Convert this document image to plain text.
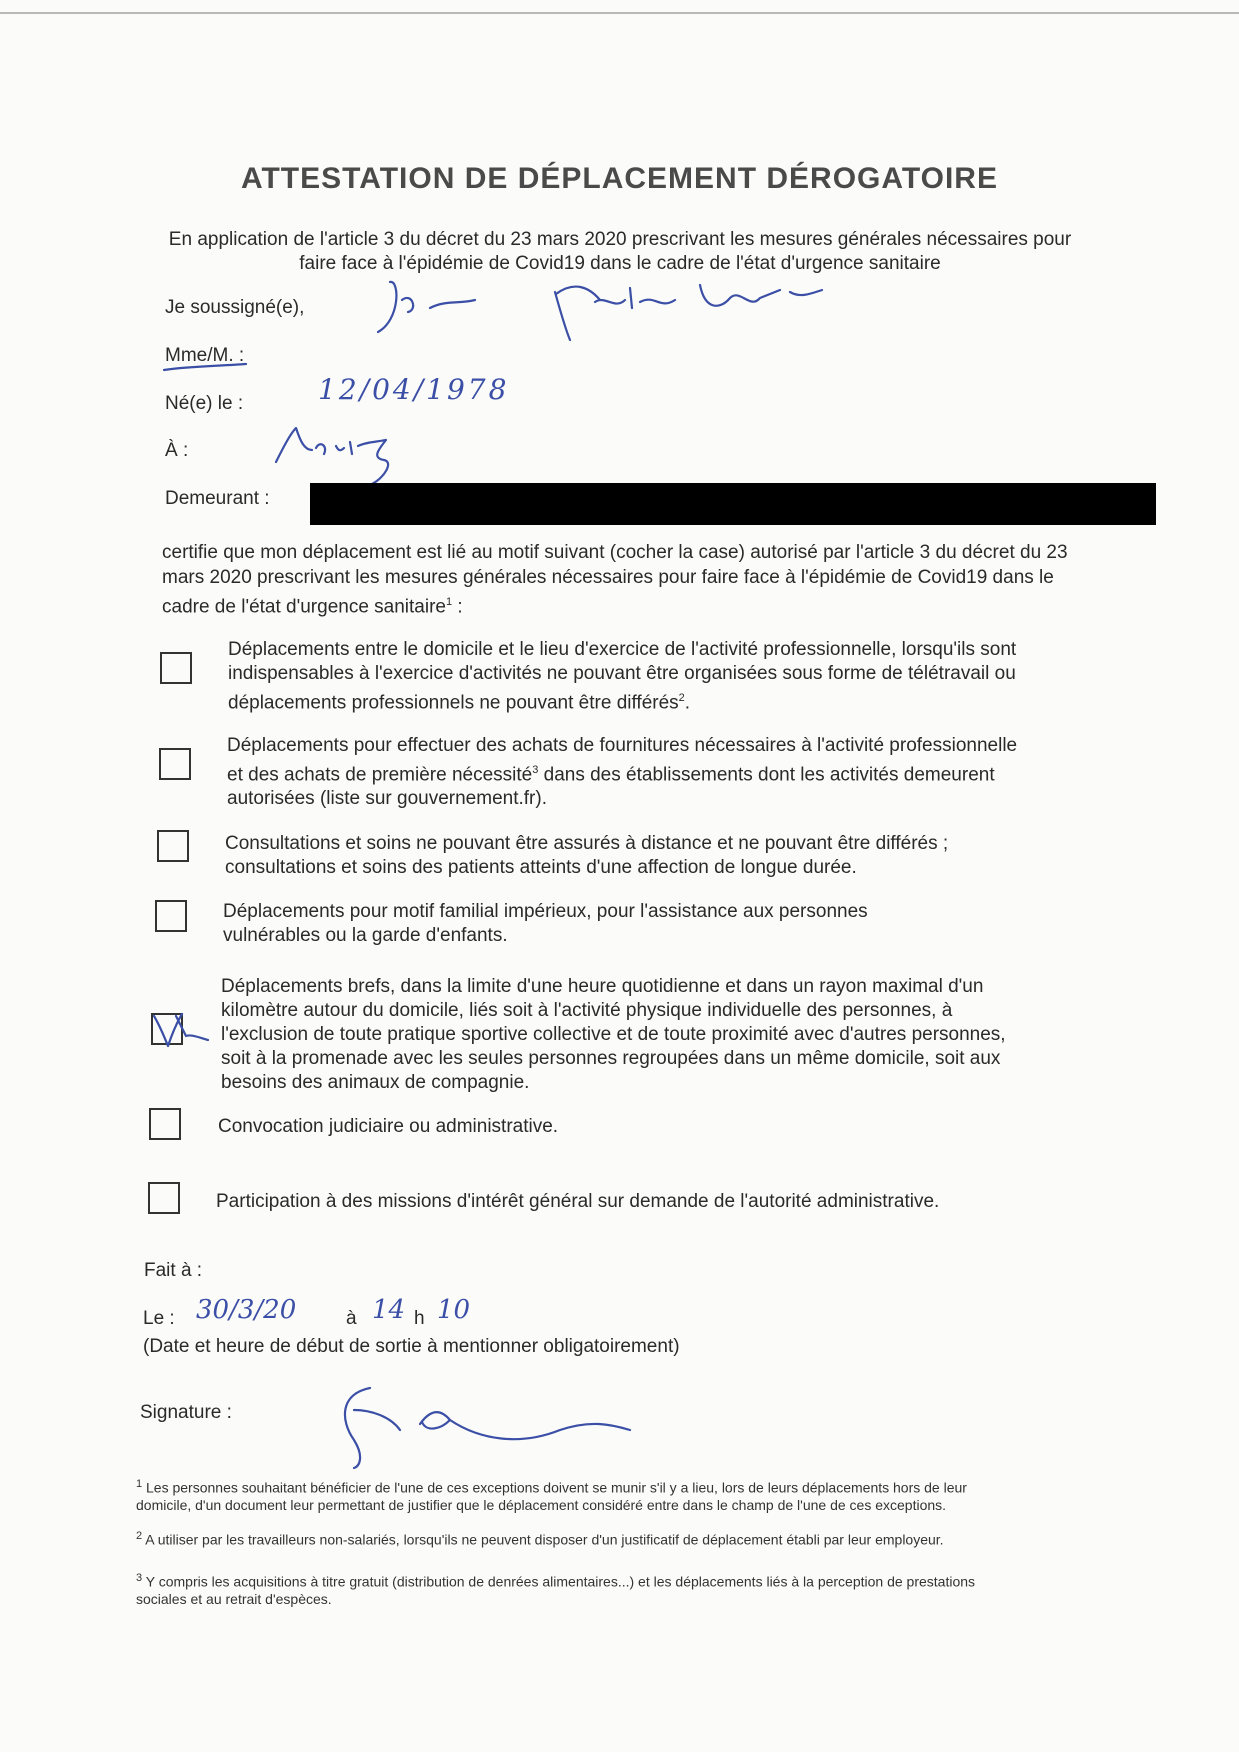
ATTESTATION DE DÉPLACEMENT DÉROGATOIRE
En application de l'article 3 du décret du 23 mars 2020 prescrivant les mesures générales nécessaires pour faire face à l'épidémie de Covid19 dans le cadre de l'état d'urgence sanitaire
Je soussigné(e),
Mme/M. :
Né(e) le :	12/04/1978
À :
Demeurant :
certifie que mon déplacement est lié au motif suivant (cocher la case) autorisé par l'article 3 du décret du 23 mars 2020 prescrivant les mesures générales nécessaires pour faire face à l'épidémie de Covid19 dans le cadre de l'état d'urgence sanitaire$^1$ :
Déplacements entre le domicile et le lieu d'exercice de l'activité professionnelle, lorsqu'ils sont indispensables à l'exercice d'activités ne pouvant être organisées sous forme de télétravail ou déplacements professionnels ne pouvant être différés$^2$.
Déplacements pour effectuer des achats de fournitures nécessaires à l'activité professionnelle et des achats de première nécessité$^3$ dans des établissements dont les activités demeurent autorisées (liste sur gouvernement.fr).
Consultations et soins ne pouvant être assurés à distance et ne pouvant être différés ; consultations et soins des patients atteints d'une affection de longue durée.
Déplacements pour motif familial impérieux, pour l'assistance aux personnes vulnérables ou la garde d'enfants.
Déplacements brefs, dans la limite d'une heure quotidienne et dans un rayon maximal d'un kilomètre autour du domicile, liés soit à l'activité physique individuelle des personnes, à l'exclusion de toute pratique sportive collective et de toute proximité avec d'autres personnes, soit à la promenade avec les seules personnes regroupées dans un même domicile, soit aux besoins des animaux de compagnie.
Convocation judiciaire ou administrative.
Participation à des missions d'intérêt général sur demande de l'autorité administrative.
Fait à :
Le : 30/3/20	à 14 h 10
(Date et heure de début de sortie à mentionner obligatoirement)
Signature :
$^1$ Les personnes souhaitant bénéficier de l'une de ces exceptions doivent se munir s'il y a lieu, lors de leurs déplacements hors de leur domicile, d'un document leur permettant de justifier que le déplacement considéré entre dans le champ de l'une de ces exceptions.
$^2$ A utiliser par les travailleurs non-salariés, lorsqu'ils ne peuvent disposer d'un justificatif de déplacement établi par leur employeur.
$^3$ Y compris les acquisitions à titre gratuit (distribution de denrées alimentaires...) et les déplacements liés à la perception de prestations sociales et au retrait d'espèces.
